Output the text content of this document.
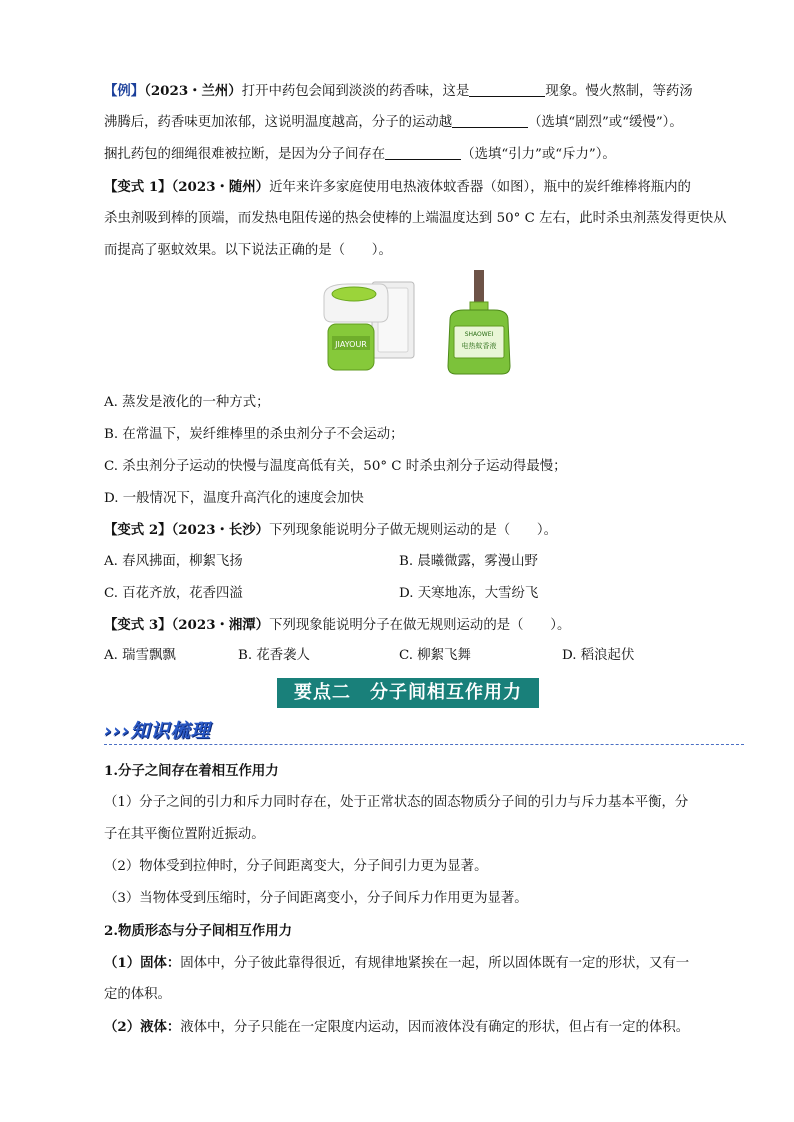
【例】（2023・兰州）打开中药包会闻到淡淡的药香味，这是	现象。慢火熬制，等药汤
沸腾后，药香味更加浓郁，这说明温度越高，分子的运动越	（选填“剧烈”或“缓慢”）。
捆扎药包的细绳很难被拉断，是因为分子间存在	（选填“引力”或“斥力”）。
【变式 1】（2023・随州）近年来许多家庭使用电热液体蚊香器（如图），瓶中的炭纤维棒将瓶内的
杀虫剂吸到棒的顶端，而发热电阻传递的热会使棒的上端温度达到 50° C 左右，此时杀虫剂蒸发得更快从
而提高了驱蚊效果。以下说法正确的是（　　）。
JIAYOUR
SHAOWEI
电热蚊香液
A. 蒸发是液化的一种方式；
B. 在常温下，炭纤维棒里的杀虫剂分子不会运动；
C. 杀虫剂分子运动的快慢与温度高低有关，50° C 时杀虫剂分子运动得最慢；
D. 一般情况下，温度升高汽化的速度会加快
【变式 2】（2023・长沙）下列现象能说明分子做无规则运动的是（　　）。
A. 春风拂面，柳絮飞扬	B. 晨曦微露，雾漫山野
C. 百花齐放，花香四溢	D. 天寒地冻，大雪纷飞
【变式 3】（2023・湘潭）下列现象能说明分子在做无规则运动的是（　　）。
A. 瑞雪飘飘	B. 花香袭人	C. 柳絮飞舞	D. 稻浪起伏
要点二　分子间相互作用力
›››知识梳理
1.分子之间存在着相互作用力
（1）分子之间的引力和斥力同时存在，处于正常状态的固态物质分子间的引力与斥力基本平衡，分
子在其平衡位置附近振动。
（2）物体受到拉伸时，分子间距离变大，分子间引力更为显著。
（3）当物体受到压缩时，分子间距离变小，分子间斥力作用更为显著。
2.物质形态与分子间相互作用力
（1）固体：固体中，分子彼此靠得很近，有规律地紧挨在一起，所以固体既有一定的形状，又有一
定的体积。
（2）液体：液体中，分子只能在一定限度内运动，因而液体没有确定的形状，但占有一定的体积。
